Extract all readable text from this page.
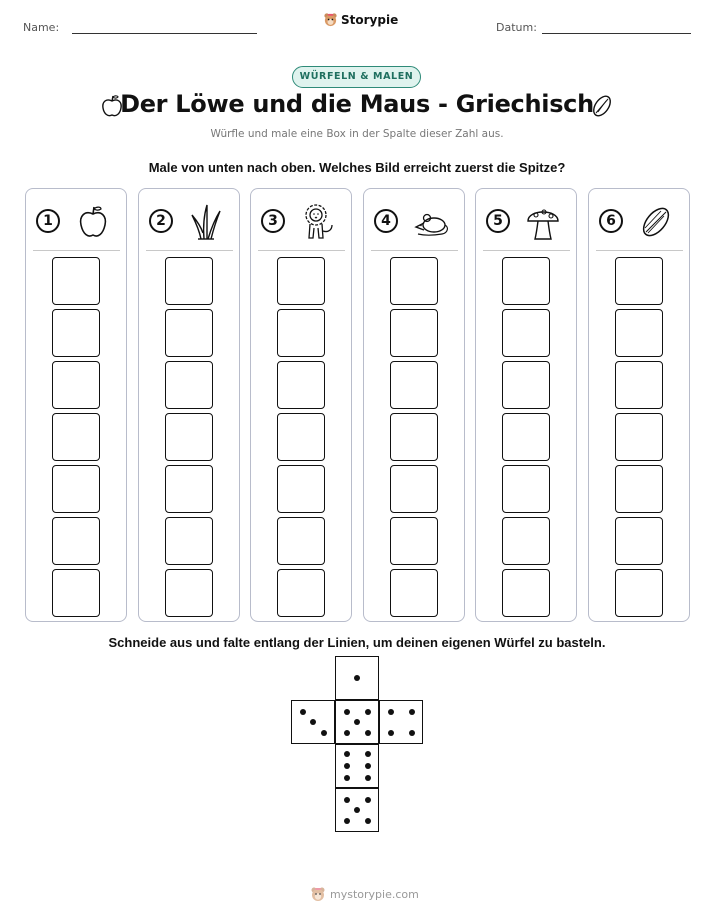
Name:
Storypie
Datum:
WÜRFELN & MALEN
Der Löwe und die Maus - Griechisch
Würfle und male eine Box in der Spalte dieser Zahl aus.
Male von unten nach oben. Welches Bild erreicht zuerst die Spitze?
1	2	3	4	5	6
Schneide aus und falte entlang der Linien, um deinen eigenen Würfel zu basteln.
mystorypie.com
